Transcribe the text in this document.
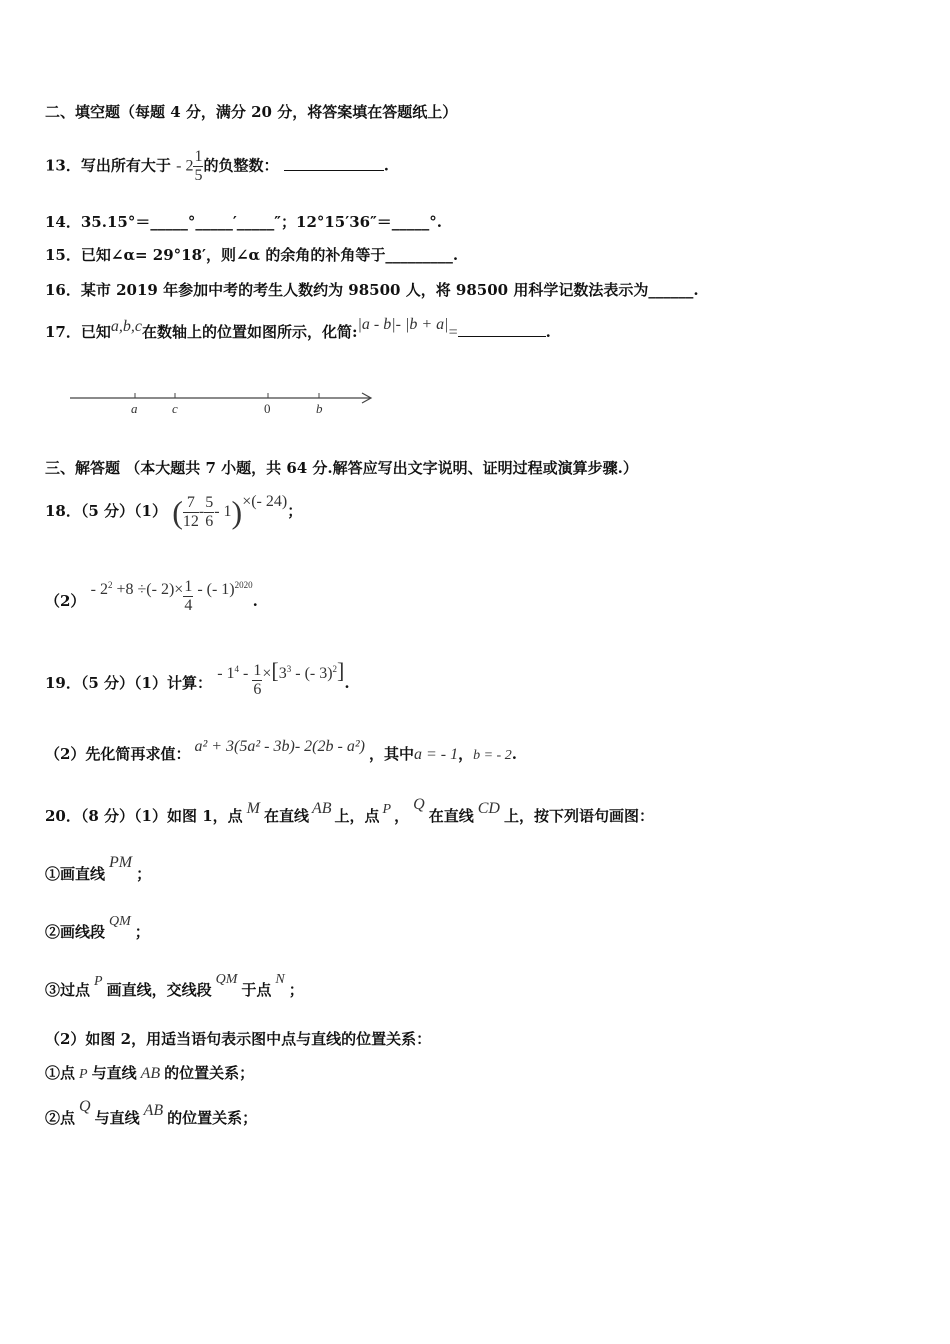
二、填空题（每题 4 分，满分 20 分，将答案填在答题纸上）
13．写出所有大于 - $2 \frac{1}{5}$ 的负整数：	.
14．35.15°＝_____°_____′_____″；12°15′36″＝_____°.
15．已知∠α= 29°18′，则∠α 的余角的补角等于_________.
16．某市 2019 年参加中考的考生人数约为 98500 人，将 98500 用科学记数法表示为______.
17．已知a,b,c在数轴上的位置如图所示，化简:|a - b|- |b + a|=	.
a	c	0	b
三、解答题 （本大题共 7 小题，共 64 分.解答应写出文字说明、证明过程或演算步骤.）
18．（5 分）（1） ( $\frac{7}{12} - \frac{5}{6} - 1)\times(-$ 24)；
$(2) - 2^2 +8$ ÷(- $2)\times \frac{1}{4}$ - (- 1)$^{2020}$.
19．（5 分）（1）计算： - $1^4 - \frac{1}{6} \times[3^3$ - (- 3)$^2$].
（2）先化简再求值： a² + 3(5a² - 3b)- 2(2b - a²) ，其中a = - 1，b = - 2.
20．（8 分）（1）如图 1，点 M 在直线 AB 上，点 P ，Q在直线 CD 上，按下列语句画图：
①画直线PM；
②画线段QM；
③过点 P 画直线，交线段QM于点N；
（2）如图 2，用适当语句表示图中点与直线的位置关系：
①点 P 与直线 AB 的位置关系；
②点Q与直线 AB 的位置关系；
